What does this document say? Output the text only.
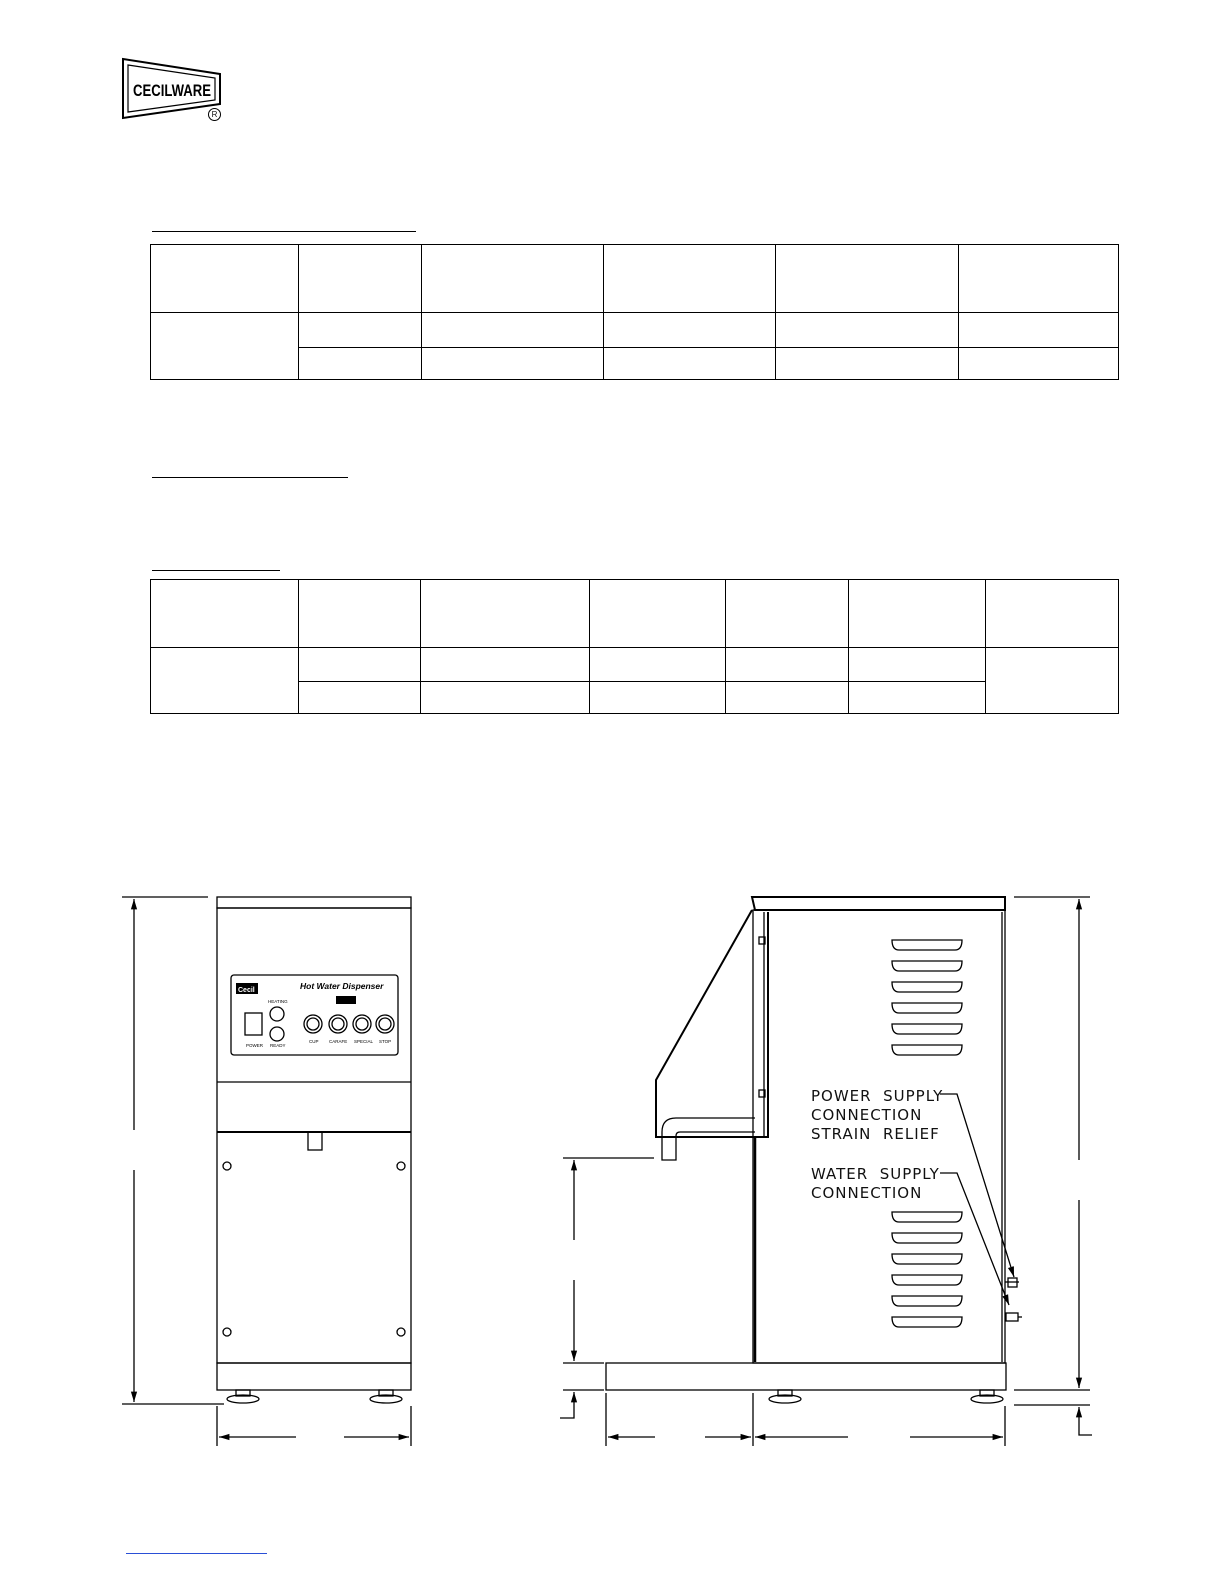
CECILWARE
R

Cecil	Hot Water Dispenser
HEATING
READY
POWER
CUP CARAFE SPECIAL STOP
POWER  SUPPLY
CONNECTION
STRAIN  RELIEF
WATER  SUPPLY
CONNECTION
